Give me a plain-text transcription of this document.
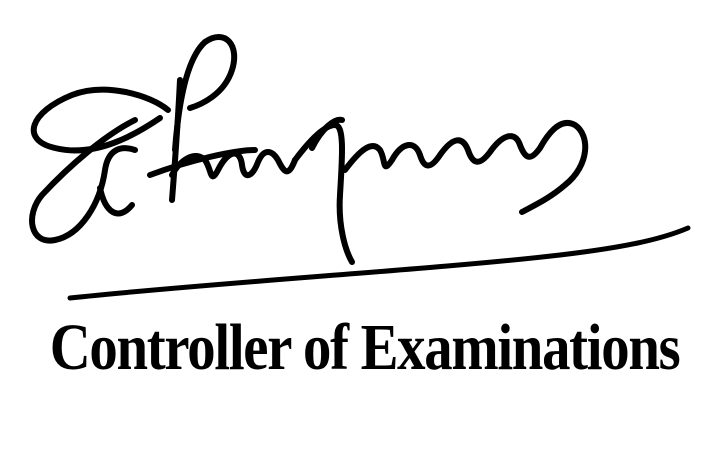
Controller of Examinations
